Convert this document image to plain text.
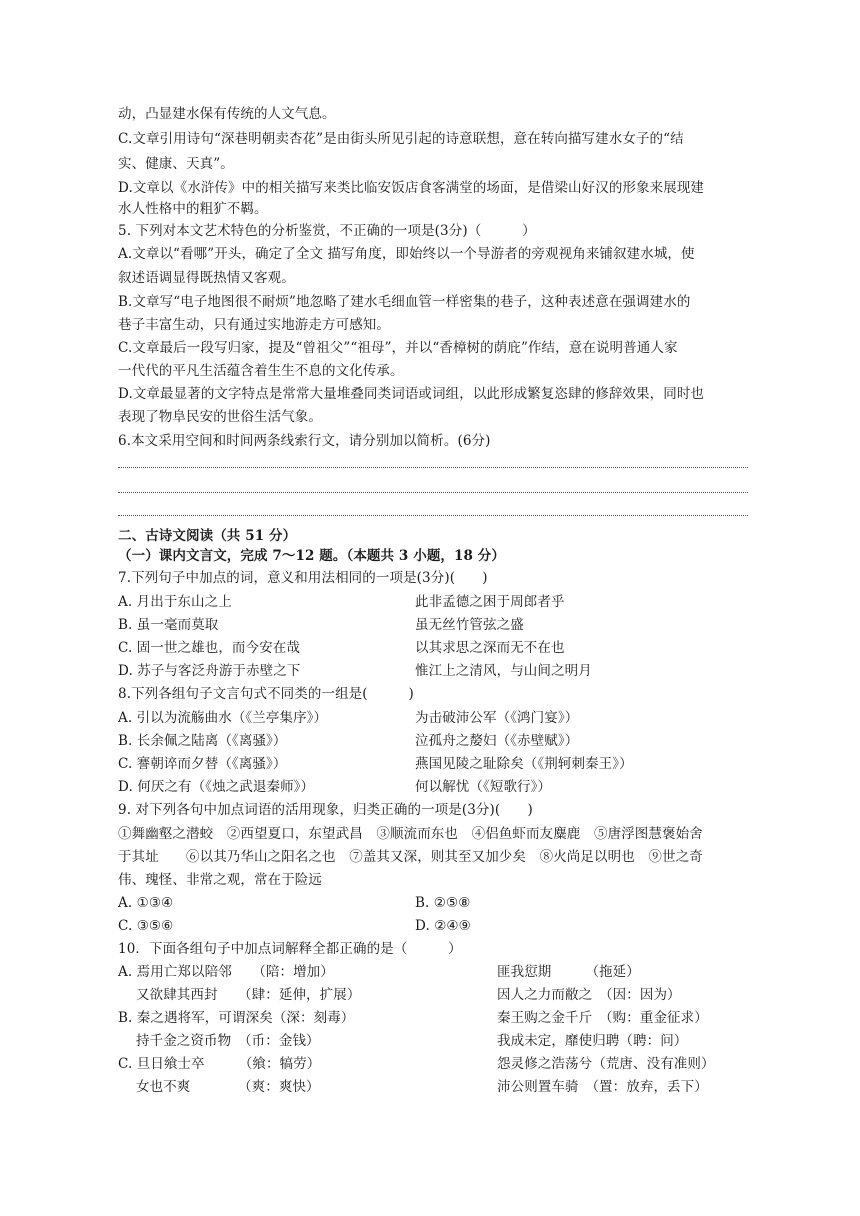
动，凸显建水保有传统的人文气息。
C.文章引用诗句“深巷明朝卖杏花”是由街头所见引起的诗意联想，意在转向描写建水女子的“结
实、健康、天真”。
D.文章以《水浒传》中的相关描写来类比临安饭店食客满堂的场面，是借梁山好汉的形象来展现建
水人性格中的粗犷不羁。
5. 下列对本文艺术特色的分析鉴赏，不正确的一项是(3分)（　　　）
A.文章以“看哪”开头，确定了全文 描写角度，即始终以一个导游者的旁观视角来铺叙建水城，使
叙述语调显得既热情又客观。
B.文章写“电子地图很不耐烦”地忽略了建水毛细血管一样密集的巷子，这种表述意在强调建水的
巷子丰富生动，只有通过实地游走方可感知。
C.文章最后一段写归家，提及“曾祖父”“祖母”，并以“香樟树的荫庇”作结，意在说明普通人家
一代代的平凡生活蕴含着生生不息的文化传承。
D.文章最显著的文字特点是常常大量堆叠同类词语或词组，以此形成繁复恣肆的修辞效果，同时也
表现了物阜民安的世俗生活气象。
6.本文采用空间和时间两条线索行文，请分别加以简析。(6分)
二、古诗文阅读（共 51 分）
（一）课内文言文，完成 7～12 题。（本题共 3 小题，18 分）
7.下列句子中加点的词，意义和用法相同的一项是(3分)(　　)
A. 月出于东山之上	此非孟德之困于周郎者乎
B. 虽一毫而莫取	虽无丝竹管弦之盛
C. 固一世之雄也，而今安在哉	以其求思之深而无不在也
D. 苏子与客泛舟游于赤壁之下	惟江上之清风，与山间之明月
8.下列各组句子文言句式不同类的一组是(　　　)
A. 引以为流觞曲水（《兰亭集序》）	为击破沛公军（《鸿门宴》）
B. 长余佩之陆离（《离骚》）	泣孤舟之嫠妇（《赤壁赋》）
C. 謇朝谇而夕替（《离骚》）	燕国见陵之耻除矣（《荆轲刺秦王》）
D. 何厌之有（《烛之武退秦师》）	何以解忧（《短歌行》）
9. 对下列各句中加点词语的活用现象，归类正确的一项是(3分)(　　)
①舞幽壑之潜蛟　②西望夏口，东望武昌　③顺流而东也　④侣鱼虾而友麋鹿　⑤唐浮图慧褒始舍
于其址　　⑥以其乃华山之阳名之也　⑦盖其又深，则其至又加少矣　⑧火尚足以明也　⑨世之奇
伟、瑰怪、非常之观，常在于险远
A. ①③④	B. ②⑤⑧
C. ③⑤⑥	D. ②④⑨
10．下面各组句子中加点词解释全都正确的是（　　　）
A. 焉用亡郑以陪邻　　（陪：增加）	匪我愆期　　　（拖延）
　 又欲肆其西封　　（肆：延伸，扩展）	因人之力而敝之　（因：因为）
B. 秦之遇将军，可谓深矣（深：刻毒）	秦王购之金千斤　（购：重金征求）
　 持千金之资币物　（币：金钱）	我成未定，靡使归聘（聘：问）
C. 旦日飨士卒　　　（飨：犒劳）	怨灵修之浩荡兮（荒唐、没有准则）
　 女也不爽　　　　（爽：爽快）	沛公则置车骑　（置：放弃，丢下）
